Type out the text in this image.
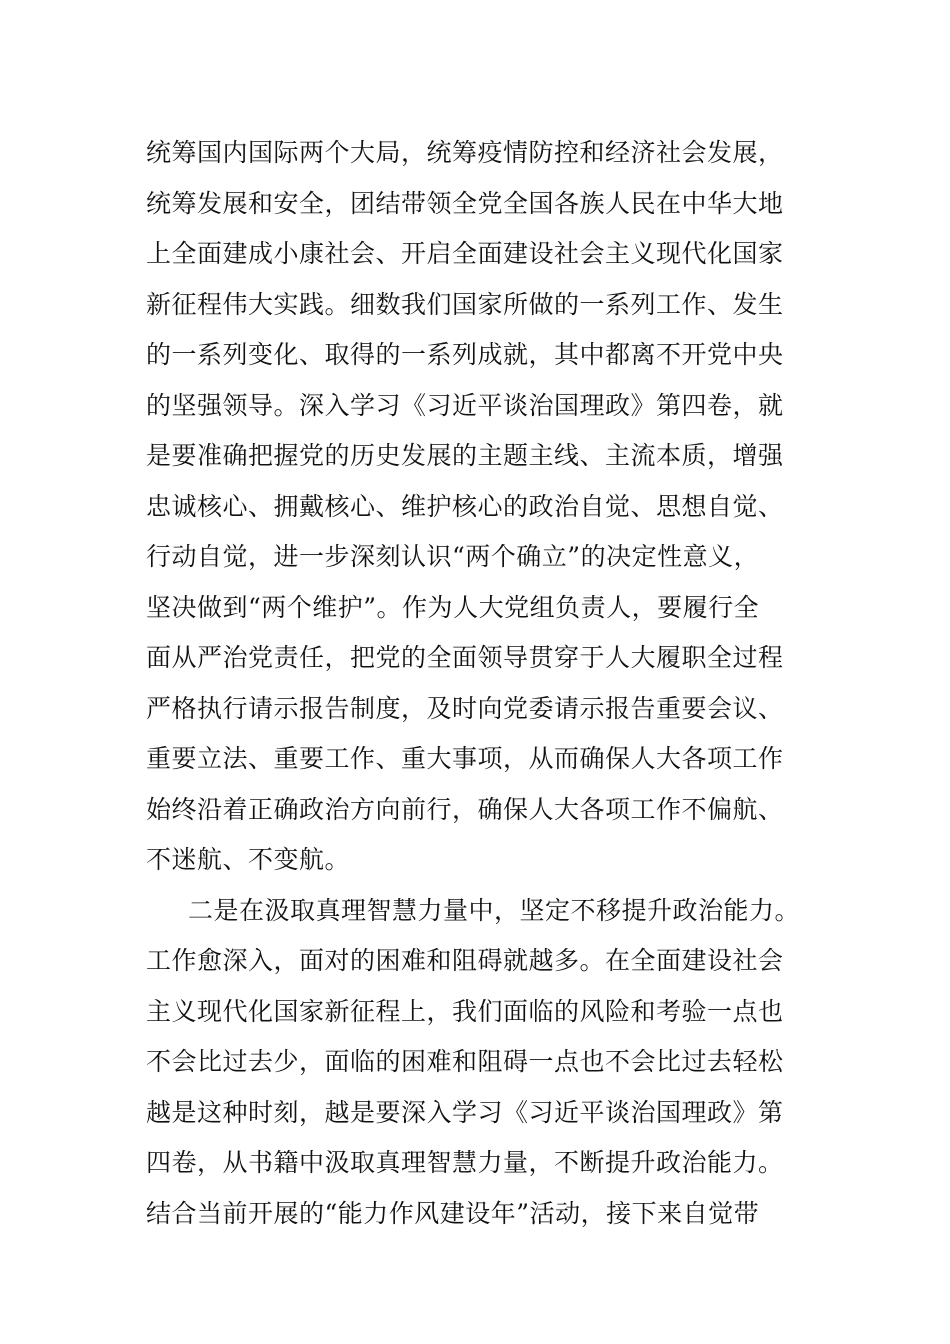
统筹国内国际两个大局，统筹疫情防控和经济社会发展，
统筹发展和安全，团结带领全党全国各族人民在中华大地
上全面建成小康社会、开启全面建设社会主义现代化国家
新征程伟大实践。细数我们国家所做的一系列工作、发生
的一系列变化、取得的一系列成就，其中都离不开党中央
的坚强领导。深入学习《习近平谈治国理政》第四卷，就
是要准确把握党的历史发展的主题主线、主流本质，增强
忠诚核心、拥戴核心、维护核心的政治自觉、思想自觉、
行动自觉，进一步深刻认识“两个确立”的决定性意义，
坚决做到“两个维护”。作为人大党组负责人，要履行全
面从严治党责任，把党的全面领导贯穿于人大履职全过程
严格执行请示报告制度，及时向党委请示报告重要会议、
重要立法、重要工作、重大事项，从而确保人大各项工作
始终沿着正确政治方向前行，确保人大各项工作不偏航、
不迷航、不变航。
二是在汲取真理智慧力量中，坚定不移提升政治能力。
工作愈深入，面对的困难和阻碍就越多。在全面建设社会
主义现代化国家新征程上，我们面临的风险和考验一点也
不会比过去少，面临的困难和阻碍一点也不会比过去轻松
越是这种时刻，越是要深入学习《习近平谈治国理政》第
四卷，从书籍中汲取真理智慧力量，不断提升政治能力。
结合当前开展的“能力作风建设年”活动，接下来自觉带
